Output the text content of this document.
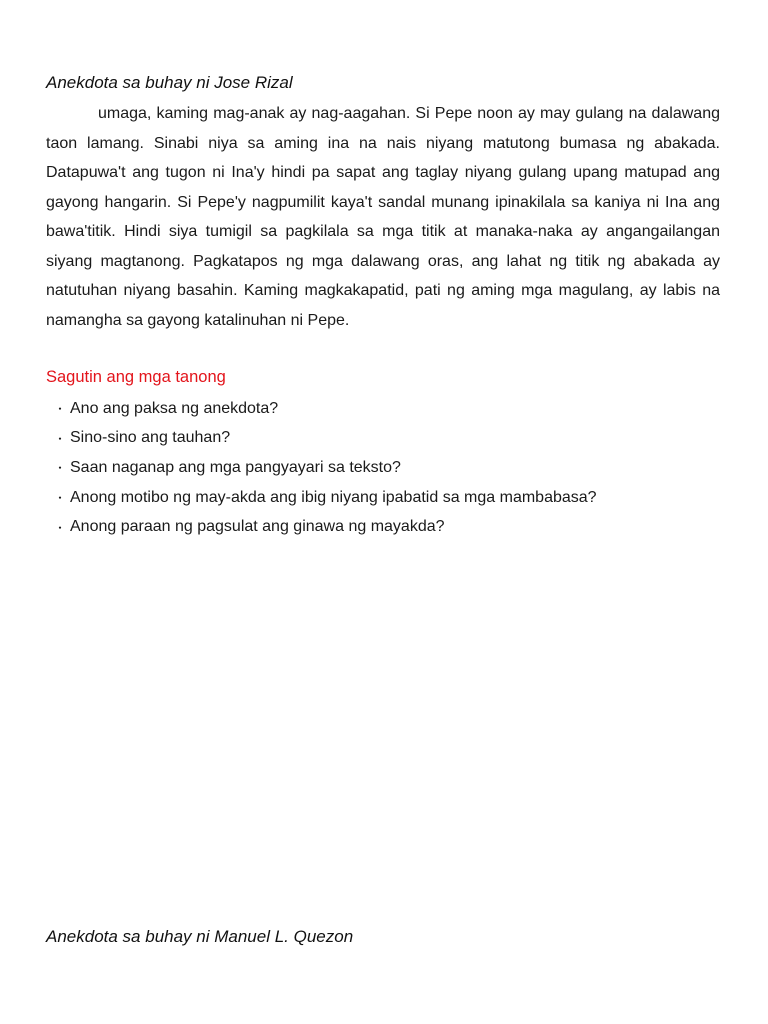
Anekdota sa buhay ni Jose Rizal

umaga, kaming mag-anak ay nag-aagahan. Si Pepe noon ay may gulang na dalawang taon lamang. Sinabi niya sa aming ina na nais niyang matutong bumasa ng abakada. Datapuwa't ang tugon ni Ina'y hindi pa sapat ang taglay niyang gulang upang matupad ang gayong hangarin. Si Pepe'y nagpumilit kaya't sandal munang ipinakilala sa kaniya ni Ina ang bawa'titik. Hindi siya tumigil sa pagkilala sa mga titik at manaka-naka ay angangailangan siyang magtanong. Pagkatapos ng mga dalawang oras, ang lahat ng titik ng abakada ay natutuhan niyang basahin. Kaming magkakapatid, pati ng aming mga magulang, ay labis na namangha sa gayong katalinuhan ni Pepe.

Sagutin ang mga tanong
・ Ano ang paksa ng anekdota?
・ Sino-sino ang tauhan?
・ Saan naganap ang mga pangyayari sa teksto?
・ Anong motibo ng may-akda ang ibig niyang ipabatid sa mga mambabasa?
・ Anong paraan ng pagsulat ang ginawa ng mayakda?
Anekdota sa buhay ni Manuel L. Quezon
